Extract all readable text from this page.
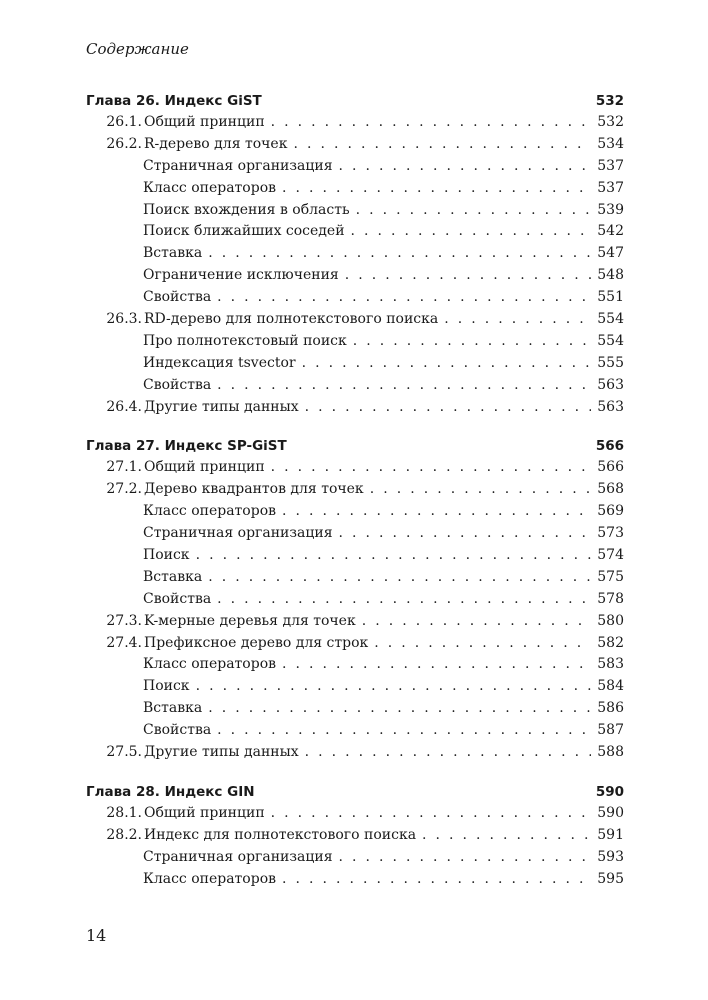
Содержание
Глава 26. Индекс GiST	532
26.1. Общий принцип . . .	532
26.2. R-дерево для точек . . .	534
Страничная организация . . .	537
Класс операторов . . .	537
Поиск вхождения в область . . .	539
Поиск ближайших соседей . . .	542
Вставка . . .	547
Ограничение исключения . . .	548
Свойства . . .	551
26.3. RD-дерево для полнотекстового поиска . . .	554
Про полнотекстовый поиск . . .	554
Индексация tsvector . . .	555
Свойства . . .	563
26.4. Другие типы данных . . .	563
Глава 27. Индекс SP-GiST	566
27.1. Общий принцип . . .	566
27.2. Дерево квадрантов для точек . . .	568
Класс операторов . . .	569
Страничная организация . . .	573
Поиск . . .	574
Вставка . . .	575
Свойства . . .	578
27.3. K-мерные деревья для точек . . .	580
27.4. Префиксное дерево для строк . . .	582
Класс операторов . . .	583
Поиск . . .	584
Вставка . . .	586
Свойства . . .	587
27.5. Другие типы данных . . .	588
Глава 28. Индекс GIN	590
28.1. Общий принцип . . .	590
28.2. Индекс для полнотекстового поиска . . .	591
Страничная организация . . .	593
Класс операторов . . .	595
14
